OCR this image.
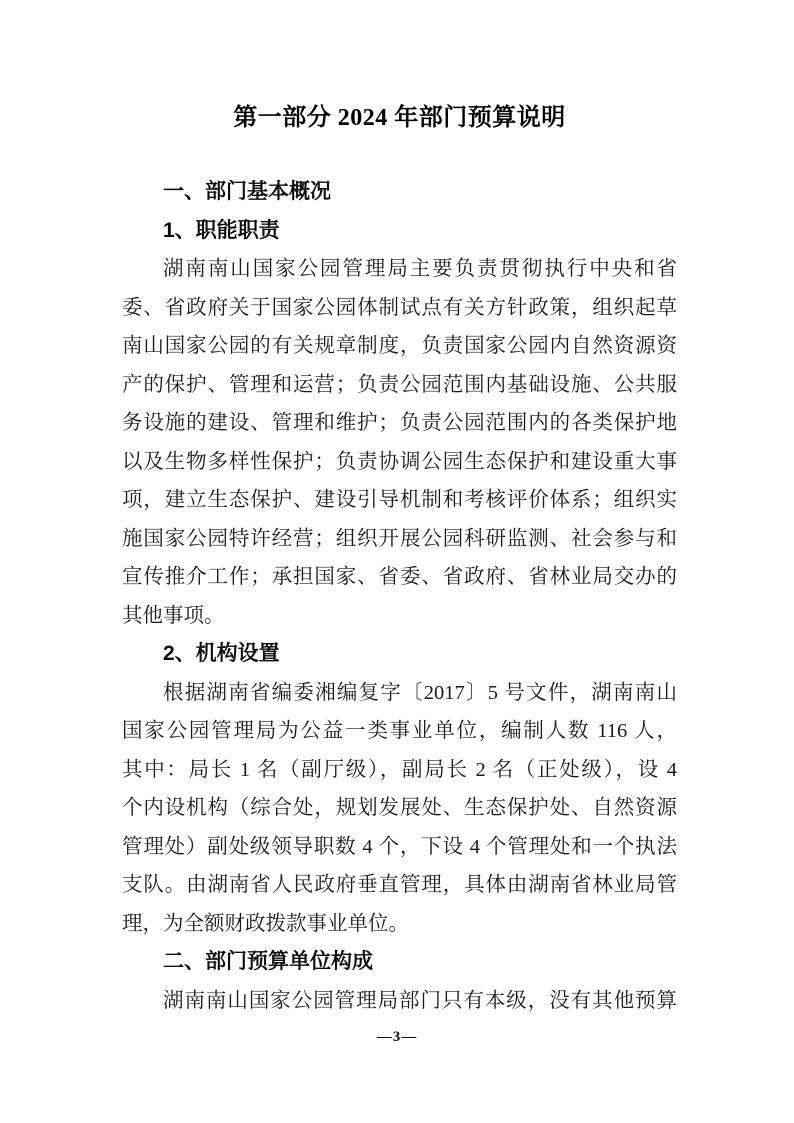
第一部分 2024 年部门预算说明
一、部门基本概况
1、职能职责
湖南南山国家公园管理局主要负责贯彻执行中央和省
委、省政府关于国家公园体制试点有关方针政策，组织起草
南山国家公园的有关规章制度，负责国家公园内自然资源资
产的保护、管理和运营；负责公园范围内基础设施、公共服
务设施的建设、管理和维护；负责公园范围内的各类保护地
以及生物多样性保护；负责协调公园生态保护和建设重大事
项，建立生态保护、建设引导机制和考核评价体系；组织实
施国家公园特许经营；组织开展公园科研监测、社会参与和
宣传推介工作；承担国家、省委、省政府、省林业局交办的
其他事项。
2、机构设置
根据湖南省编委湘编复字〔2017〕5 号文件，湖南南山
国家公园管理局为公益一类事业单位，编制人数 116 人，
其中：局长 1 名（副厅级），副局长 2 名（正处级），设 4
个内设机构（综合处，规划发展处、生态保护处、自然资源
管理处）副处级领导职数 4 个，下设 4 个管理处和一个执法
支队。由湖南省人民政府垂直管理，具体由湖南省林业局管
理，为全额财政拨款事业单位。
二、部门预算单位构成
湖南南山国家公园管理局部门只有本级，没有其他预算
—3—
